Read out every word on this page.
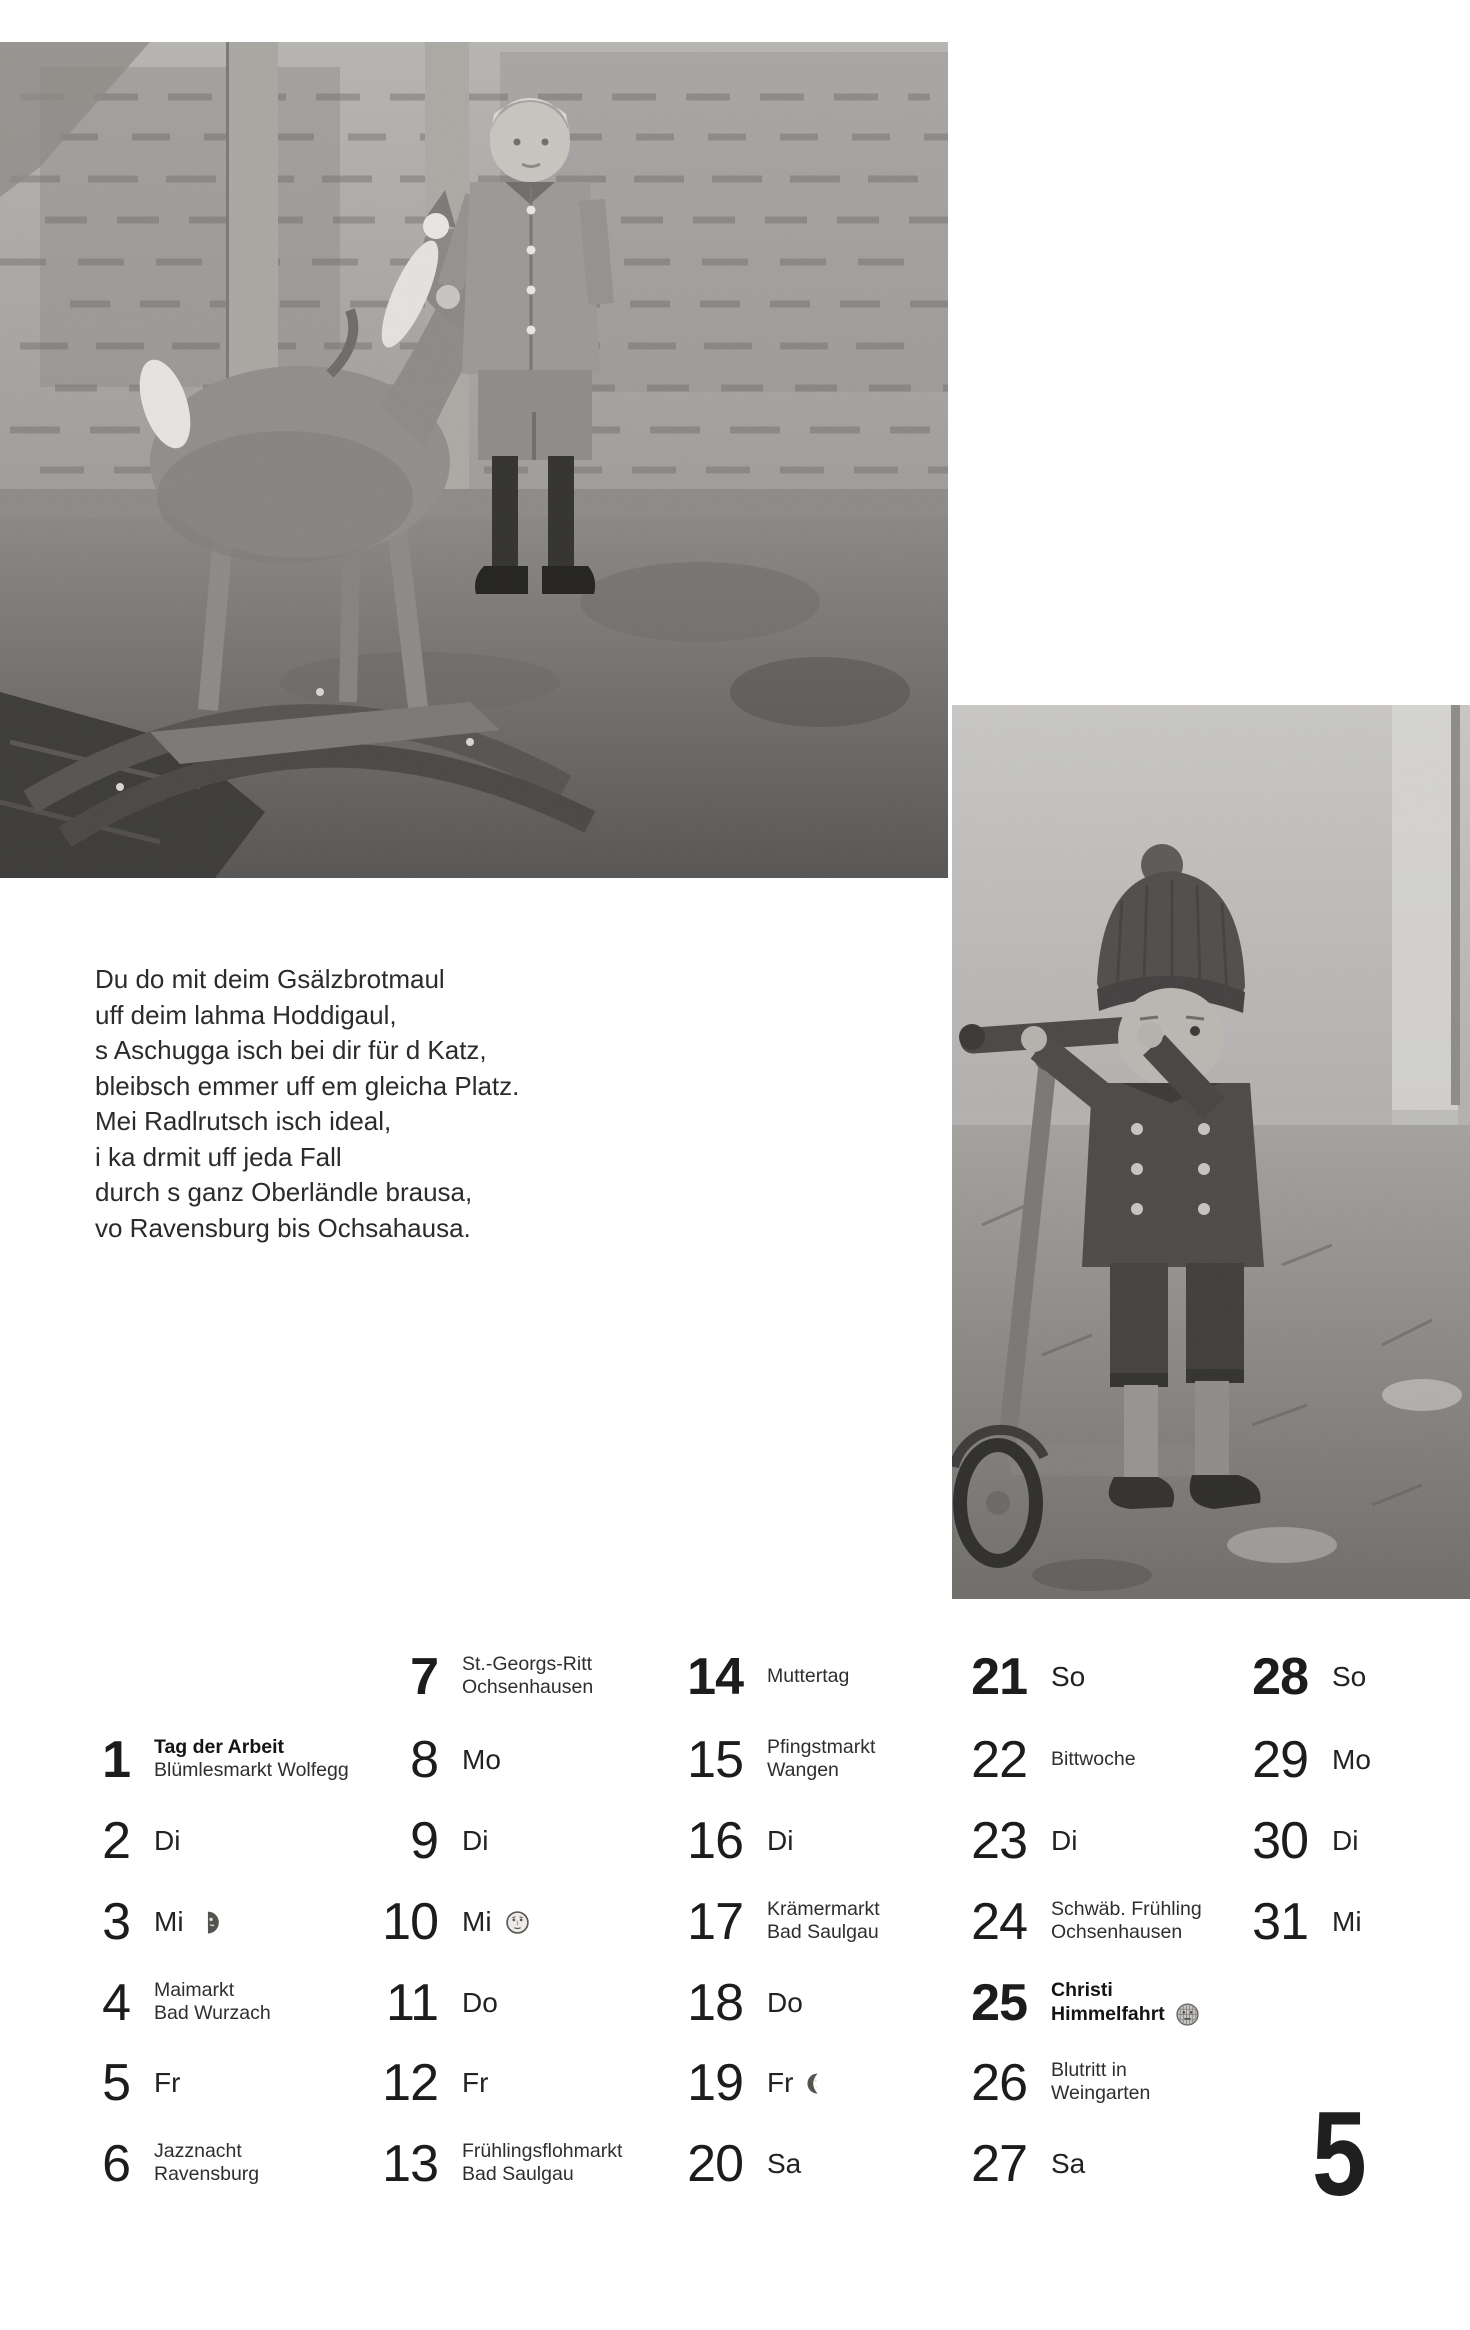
Du do mit deim Gsälzbrotmaul
uff deim lahma Hoddigaul,
s Aschugga isch bei dir für d Katz,
bleibsch emmer uff em gleicha Platz.
Mei Radlrutsch isch ideal,
i ka drmit uff jeda Fall
durch s ganz Oberländle brausa,
vo Ravensburg bis Ochsahausa.
1 Tag der Arbeit
Blümlesmarkt Wolfegg
2 Di
3 Mi
4 Maimarkt
Bad Wurzach
5 Fr
6 Jazznacht
Ravensburg
7 St.-Georgs-Ritt
Ochsenhausen
8 Mo
9 Di
10 Mi
11 Do
12 Fr
13 Frühlingsflohmarkt
Bad Saulgau
14 Muttertag
15 Pfingstmarkt
Wangen
16 Di
17 Krämermarkt
Bad Saulgau
18 Do
19 Fr
20 Sa
21 So
22 Bittwoche
23 Di
24 Schwäb. Frühling
Ochsenhausen
25 Christi
Himmelfahrt
26 Blutritt in
Weingarten
27 Sa
28 So
29 Mo
30 Di
31 Mi
5
